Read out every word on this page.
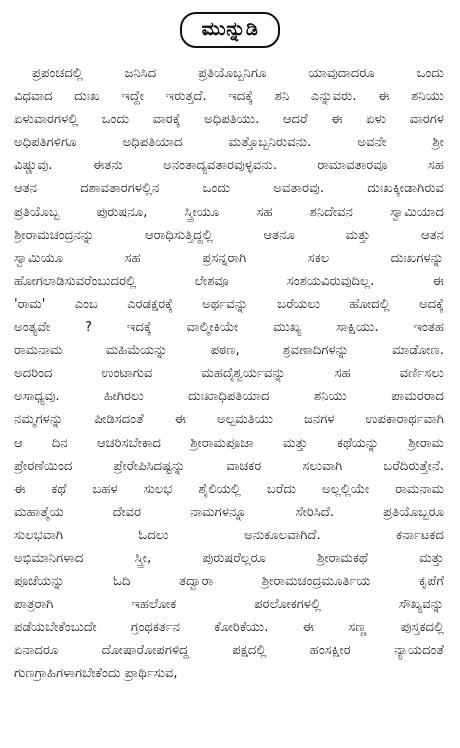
ಮುನ್ನುಡಿ
ಪ್ರಪಂಚದಲ್ಲಿ ಜನಿಸಿದ ಪ್ರತಿಯೊಬ್ಬನಿಗೂ ಯಾವುದಾದರೂ ಒಂದು
ವಿಧವಾದ ದುಃಖ ಇದ್ದೇ ಇರುತ್ತದೆ. ಇದಕ್ಕೆ ಶನಿ ಎನ್ನುವರು. ಈ ಶನಿಯು
ಏಳುವಾರಗಳಲ್ಲಿ ಒಂದು ವಾರಕ್ಕೆ ಅಧಿಪತಿಯು. ಆದರೆ ಈ ಏಳು ವಾರಗಳ
ಅಧಿಪತಿಗಳಿಗೂ ಅಧಿಪತಿಯಾದ ಮತ್ತೊಬ್ಬನಿರುವನು. ಅವನೇ ಶ್ರೀ
ವಿಷ್ಣುವು. ಈತನು ಅನಂತಾದ್ಯವತಾರವುಳ್ಳವನು. ರಾಮಾವತಾರವೂ ಸಹ
ಆತನ ದಶಾವತಾರಗಳಲ್ಲಿನ ಒಂದು ಅವತಾರವು. ದುಃಖಕ್ಕೀಡಾಗಿರುವ
ಪ್ರತಿಯೊಬ್ಬ ಪುರುಷನೂ, ಸ್ತ್ರೀಯೂ ಸಹ ಶನಿದೇವನ ಸ್ವಾಮಿಯಾದ
ಶ್ರೀರಾಮಚಂದ್ರನನ್ನು ಆರಾಧಿಸುತ್ತಿದ್ದಲ್ಲಿ ಆತನೂ ಮತ್ತು ಆತನ
ಸ್ವಾಮಿಯೂ ಸಹ ಪ್ರಸನ್ನರಾಗಿ ಸಕಲ ದುಃಖಗಳನ್ನು
ಹೋಗಲಾಡಿಸುವರೆಂಬುದರಲ್ಲಿ ಲೇಶವೂ ಸಂಶಯವಿರುವುದಿಲ್ಲ. ಈ
'ರಾಮ' ಎಂಬ ಎರಡಕ್ಷರಕ್ಕೆ ಅರ್ಥವನ್ನು ಬರೆಯಲು ಹೋದಲ್ಲಿ ಅದಕ್ಕೆ
ಅಂತ್ಯವೇ ? ಇದಕ್ಕೆ ವಾಲ್ಮೀಕಿಯೇ ಮುಖ್ಯ ಸಾಕ್ಷಿಯು. ಇಂತಹ
ರಾಮನಾಮ ಮಹಿಮೆಯನ್ನು ಪಠಣ, ಶ್ರವಣಾದಿಗಳನ್ನು ಮಾಡೋಣ.
ಅದರಿಂದ ಉಂಟಾಗುವ ಮಹದೈಶ್ವರ್ಯವನ್ನು ಸಹ ವರ್ಣಿಸಲು
ಅಸಾಧ್ಯವು. ಹೀಗಿರಲು ದುಃಖಾಧಿಪತಿಯಾದ ಶನಿಯು ಪಾಮರರಾದ
ನಮ್ಮಗಳನ್ನು ಪೀಡಿಸದಂತೆ ಈ ಅಲ್ಪಮತಿಯು ಜನಗಳ ಉಪಕಾರಾರ್ಥವಾಗಿ
ಆ ದಿನ ಆಚರಿಸಬೇಕಾದ ಶ್ರೀರಾಮಪೂಜಾ ಮತ್ತು ಕಥೆಯನ್ನು ಶ್ರೀರಾಮ
ಪ್ರೇರಣೆಯಿಂದ ಪ್ರೇರೇಪಿಸಿದಷ್ಟನ್ನು ವಾಚಕರ ಸಲುವಾಗಿ ಬರೆದಿರುತ್ತೇನೆ.
ಈ ಕಥೆ ಬಹಳ ಸುಲಭ ಶೈಲಿಯಲ್ಲಿ ಬರೆದು ಅಲ್ಲಲ್ಲಿಯೇ ರಾಮನಾಮ
ಮಹಾತ್ಮೆಯ ದೇವರ ನಾಮಗಳನ್ನೂ ಸೇರಿಸಿದೆ. ಪ್ರತಿಯೊಬ್ಬರೂ
ಸುಲಭವಾಗಿ ಓದಲು ಅನುಕೂಲವಾಗಿದೆ. ಕರ್ನಾಟಕದ
ಅಭಿಮಾನಿಗಳಾದ ಸ್ತ್ರೀ, ಪುರುಷರೆಲ್ಲರೂ ಶ್ರೀರಾಮಕಥೆ ಮತ್ತು
ಪೂಜೆಯನ್ನು ಓದಿ ತದ್ವಾರಾ ಶ್ರೀರಾಮಚಂದ್ರಮೂರ್ತಿಯ ಕೃಪೆಗೆ
ಪಾತ್ರರಾಗಿ ಇಹಲೋಕ ಪರಲೋಕಗಳಲ್ಲಿ ಸೌಖ್ಯವನ್ನು
ಪಡೆಯಬೇಕೆಂಬುದೇ ಗ್ರಂಥಕರ್ತನ ಕೋರಿಕೆಯು. ಈ ಸಣ್ಣ ಪುಸ್ತಕದಲ್ಲಿ
ಏನಾದರೂ ದೋಷಾರೋಪಗಳಿದ್ದ ಪಕ್ಷದಲ್ಲಿ ಹಂಸಕ್ಷೀರ ನ್ಯಾಯದಂತೆ
ಗುಣಗ್ರಾಹಿಗಳಾಗಬೇಕೆಂದು ಪ್ರಾರ್ಥಿಸುವ,
